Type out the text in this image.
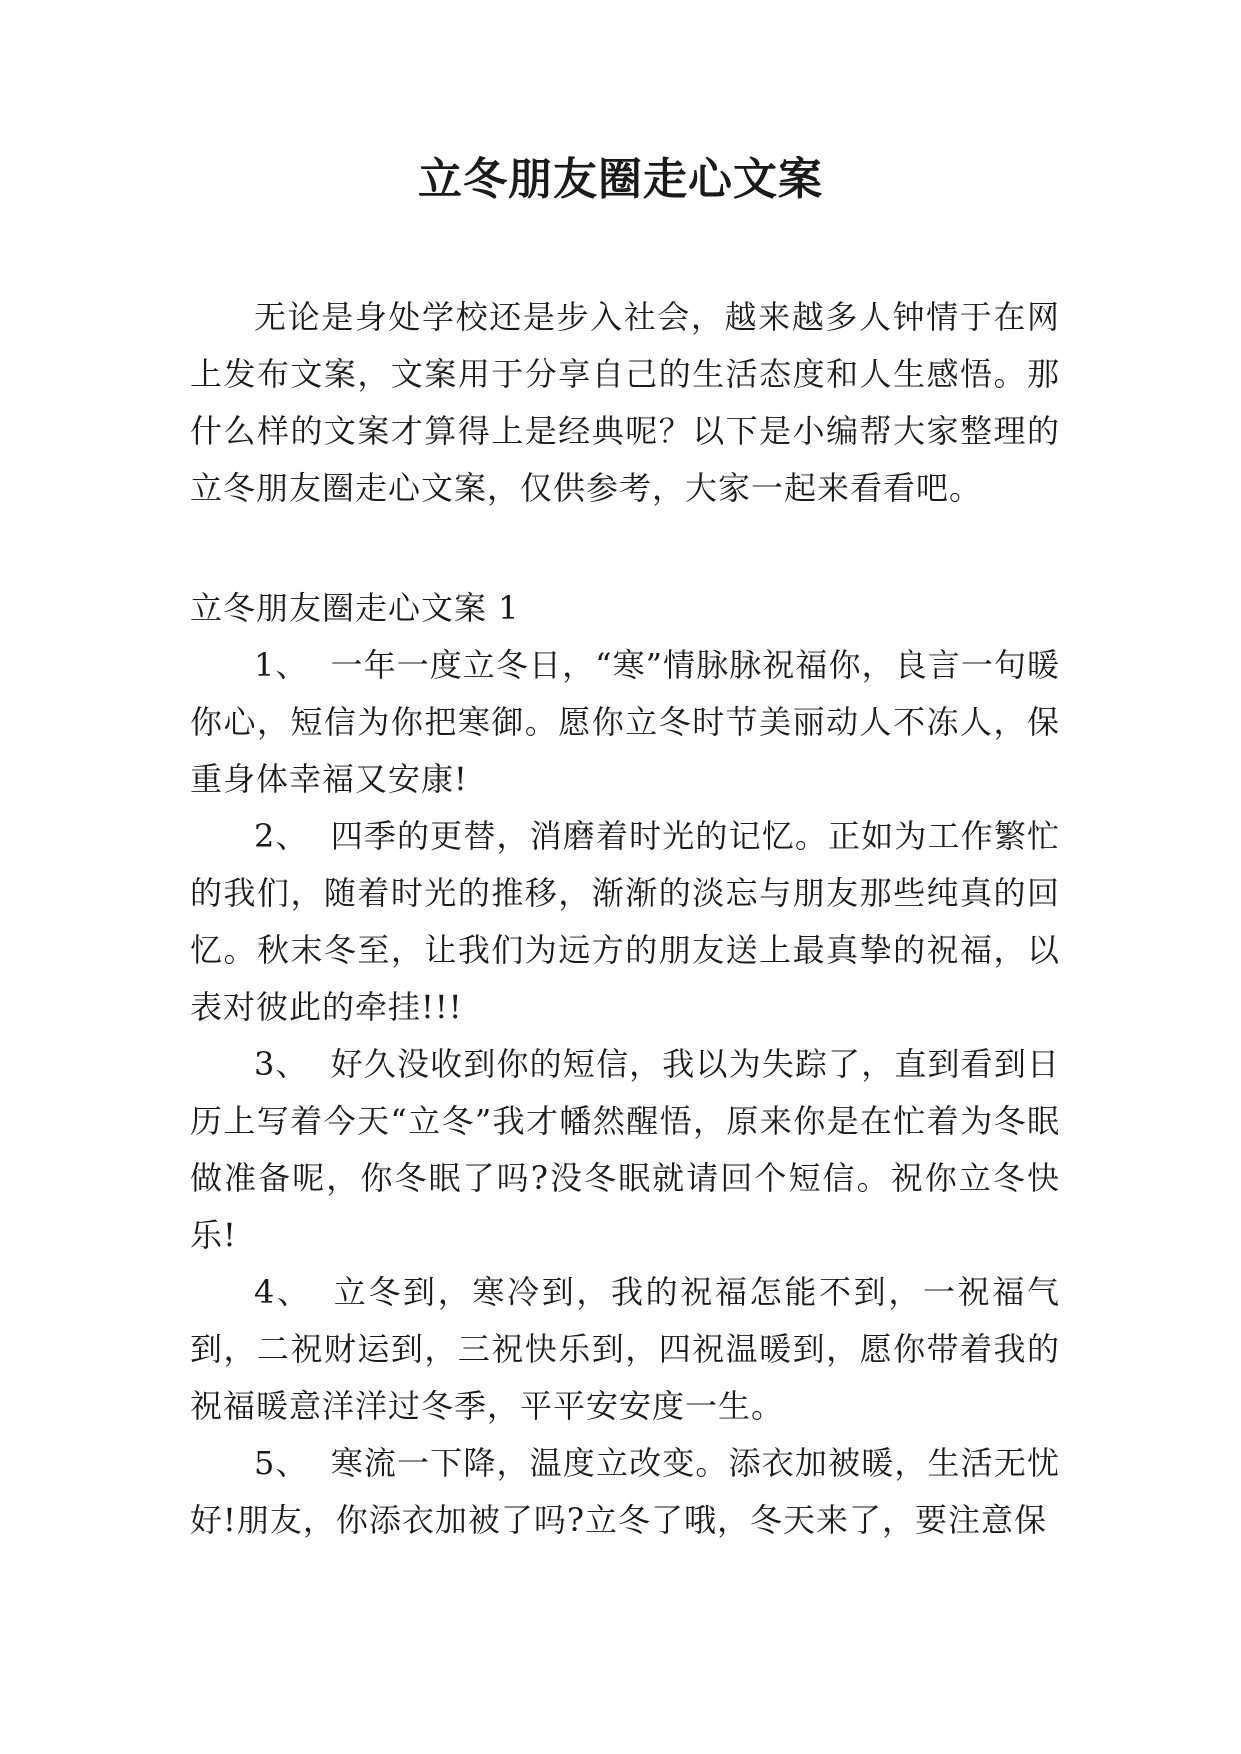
立冬朋友圈走心文案
无论是身处学校还是步入社会，越来越多人钟情于在网上发布文案，文案用于分享自己的生活态度和人生感悟。那什么样的文案才算得上是经典呢？以下是小编帮大家整理的立冬朋友圈走心文案，仅供参考，大家一起来看看吧。
立冬朋友圈走心文案 1

1、 一年一度立冬日，“寒”情脉脉祝福你，良言一句暖你心，短信为你把寒御。愿你立冬时节美丽动人不冻人，保重身体幸福又安康!

2、 四季的更替，消磨着时光的记忆。正如为工作繁忙的我们，随着时光的推移，渐渐的淡忘与朋友那些纯真的回忆。秋末冬至，让我们为远方的朋友送上最真挚的祝福，以表对彼此的牵挂!!!

3、 好久没收到你的短信，我以为失踪了，直到看到日历上写着今天“立冬”我才幡然醒悟，原来你是在忙着为冬眠做准备呢，你冬眠了吗?没冬眠就请回个短信。祝你立冬快乐!

4、 立冬到，寒冷到，我的祝福怎能不到，一祝福气到，二祝财运到，三祝快乐到，四祝温暖到，愿你带着我的祝福暖意洋洋过冬季，平平安安度一生。

5、 寒流一下降，温度立改变。添衣加被暖，生活无忧好!朋友，你添衣加被了吗?立冬了哦，冬天来了，要注意保
